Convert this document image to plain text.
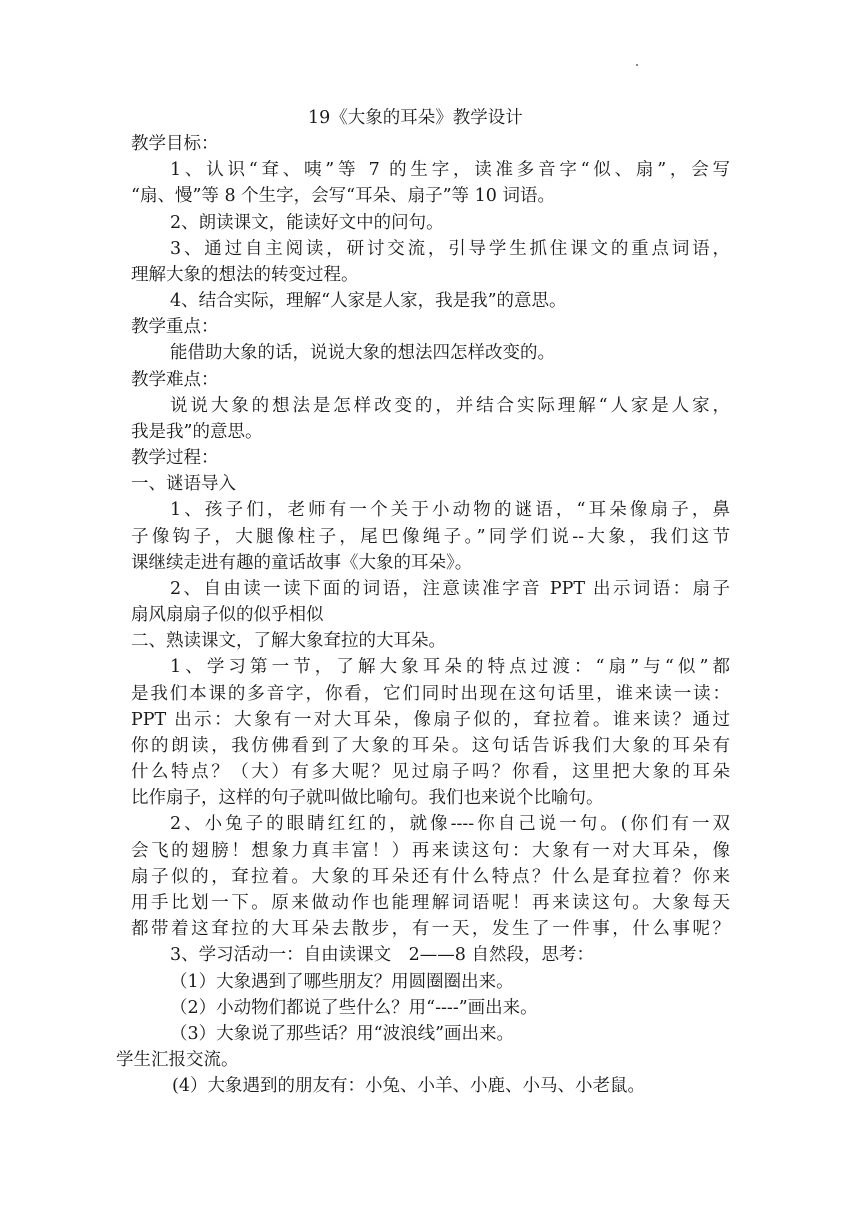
19《大象的耳朵》教学设计
教学目标：
1、认识“耷、咦”等 7 的生字，读准多音字“似、扇”，会写
“扇、慢”等 8 个生字，会写“耳朵、扇子”等 10 词语。
2、朗读课文，能读好文中的问句。
3、通过自主阅读，研讨交流，引导学生抓住课文的重点词语，
理解大象的想法的转变过程。
4、结合实际，理解“人家是人家，我是我”的意思。
教学重点：
能借助大象的话，说说大象的想法四怎样改变的。
教学难点：
说说大象的想法是怎样改变的，并结合实际理解“人家是人家，
我是我”的意思。
教学过程：
一、谜语导入
1、孩子们，老师有一个关于小动物的谜语，“耳朵像扇子，鼻
子像钩子，大腿像柱子，尾巴像绳子。”同学们说--大象，我们这节
课继续走进有趣的童话故事《大象的耳朵》。
2、自由读一读下面的词语，注意读准字音 PPT 出示词语：扇子
扇风扇扇子似的似乎相似
二、熟读课文，了解大象耷拉的大耳朵。
1、学习第一节，了解大象耳朵的特点过渡：“扇”与“似”都
是我们本课的多音字，你看，它们同时出现在这句话里，谁来读一读：
PPT 出示：大象有一对大耳朵，像扇子似的，耷拉着。谁来读？通过
你的朗读，我仿佛看到了大象的耳朵。这句话告诉我们大象的耳朵有
什么特点？（大）有多大呢？见过扇子吗？你看，这里把大象的耳朵
比作扇子，这样的句子就叫做比喻句。我们也来说个比喻句。
2、小兔子的眼睛红红的，就像----你自己说一句。(你们有一双
会飞的翅膀！想象力真丰富！）再来读这句：大象有一对大耳朵，像
扇子似的，耷拉着。大象的耳朵还有什么特点？什么是耷拉着？你来
用手比划一下。原来做动作也能理解词语呢！再来读这句。大象每天
都带着这耷拉的大耳朵去散步，有一天，发生了一件事，什么事呢？
3、学习活动一：自由读课文　2——8 自然段，思考：
（1）大象遇到了哪些朋友？用圆圈圈出来。
（2）小动物们都说了些什么？用“----”画出来。
（3）大象说了那些话？用“波浪线”画出来。
学生汇报交流。
(4）大象遇到的朋友有：小兔、小羊、小鹿、小马、小老鼠。
